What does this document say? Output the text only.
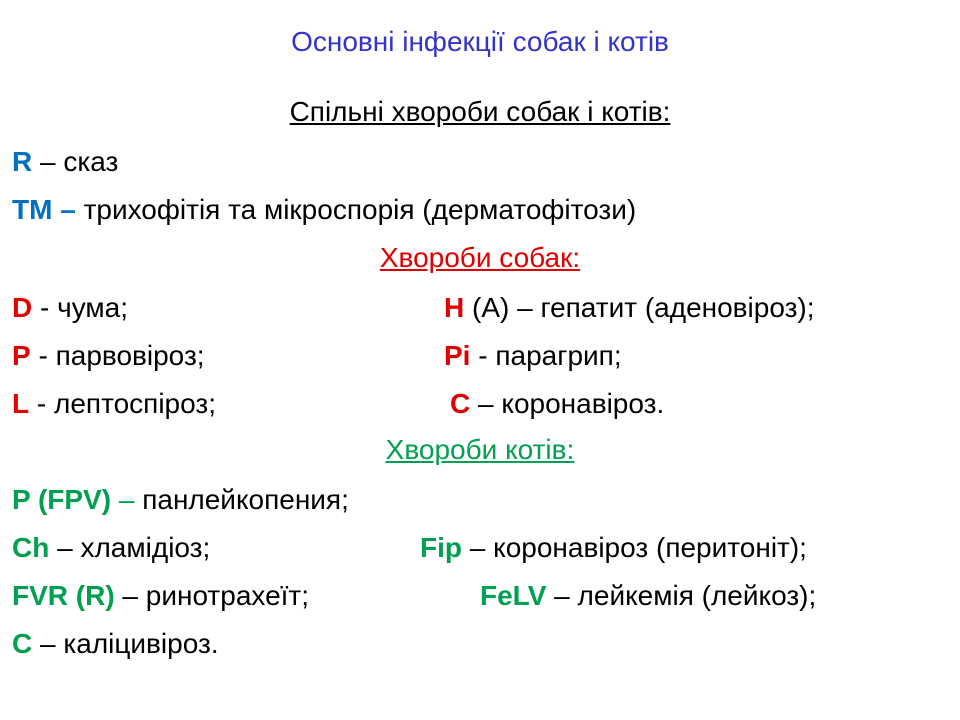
Основні інфекції собак і котів
Спільні хвороби собак і котів:
R – сказ
TM – трихофітія та мікроспорія (дерматофітози)
Хвороби собак:
D - чума;	H (A) – гепатит (аденовіроз);
P - парвовіроз;	Pi - парагрип;
L - лептоспіроз;	C – коронавіроз.
Хвороби котів:
P (FPV) – панлейкопения;
Ch – хламідіоз;	Fip – коронавіроз (перитоніт);
FVR (R) – ринотрахеїт;	FeLV – лейкемія (лейкоз);
C – каліцивіроз.
